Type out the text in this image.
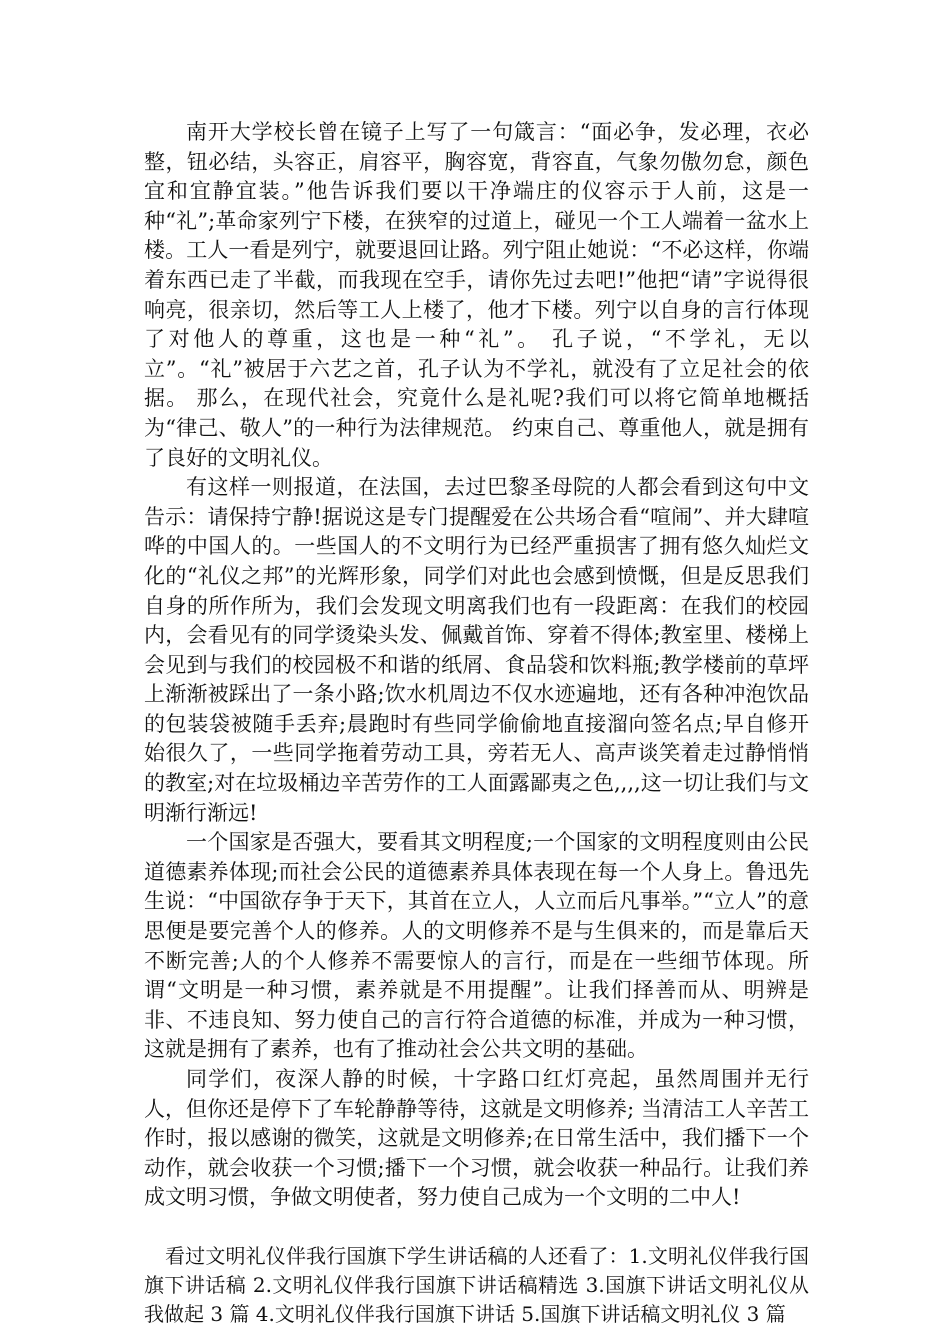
南开大学校长曾在镜子上写了一句箴言：“面必争，发必理，衣必整，钮必结，头容正，肩容平，胸容宽，背容直，气象勿傲勿怠，颜色宜和宜静宜装。”他告诉我们要以干净端庄的仪容示于人前，这是一种“礼”;革命家列宁下楼，在狭窄的过道上，碰见一个工人端着一盆水上楼。工人一看是列宁，就要退回让路。列宁阻止她说：“不必这样，你端着东西已走了半截，而我现在空手，请你先过去吧!”他把“请”字说得很响亮，很亲切，然后等工人上楼了，他才下楼。列宁以自身的言行体现了对他人的尊重，这也是一种“礼”。 孔子说，“不学礼，无以立”。“礼”被居于六艺之首，孔子认为不学礼，就没有了立足社会的依据。 那么，在现代社会，究竟什么是礼呢?我们可以将它简单地概括为“律己、敬人”的一种行为法律规范。 约束自己、尊重他人，就是拥有了良好的文明礼仪。

有这样一则报道，在法国，去过巴黎圣母院的人都会看到这句中文告示：请保持宁静!据说这是专门提醒爱在公共场合看“喧闹”、并大肆喧哗的中国人的。一些国人的不文明行为已经严重损害了拥有悠久灿烂文化的“礼仪之邦”的光辉形象，同学们对此也会感到愤慨，但是反思我们自身的所作所为，我们会发现文明离我们也有一段距离：在我们的校园内，会看见有的同学烫染头发、佩戴首饰、穿着不得体;教室里、楼梯上会见到与我们的校园极不和谐的纸屑、食品袋和饮料瓶;教学楼前的草坪上渐渐被踩出了一条小路;饮水机周边不仅水迹遍地，还有各种冲泡饮品的包装袋被随手丢弃;晨跑时有些同学偷偷地直接溜向签名点;早自修开始很久了，一些同学拖着劳动工具，旁若无人、高声谈笑着走过静悄悄的教室;对在垃圾桶边辛苦劳作的工人面露鄙夷之色,,,,这一切让我们与文明渐行渐远!

一个国家是否强大，要看其文明程度;一个国家的文明程度则由公民道德素养体现;而社会公民的道德素养具体表现在每一个人身上。鲁迅先生说：“中国欲存争于天下，其首在立人，人立而后凡事举。”“立人”的意思便是要完善个人的修养。人的文明修养不是与生俱来的，而是靠后天不断完善;人的个人修养不需要惊人的言行，而是在一些细节体现。所谓“文明是一种习惯，素养就是不用提醒”。让我们择善而从、明辨是非、不违良知、努力使自己的言行符合道德的标准，并成为一种习惯，这就是拥有了素养，也有了推动社会公共文明的基础。

同学们，夜深人静的时候，十字路口红灯亮起，虽然周围并无行人，但你还是停下了车轮静静等待，这就是文明修养; 当清洁工人辛苦工作时，报以感谢的微笑，这就是文明修养;在日常生活中，我们播下一个动作，就会收获一个习惯;播下一个习惯，就会收获一种品行。让我们养成文明习惯，争做文明使者，努力使自己成为一个文明的二中人!

看过文明礼仪伴我行国旗下学生讲话稿的人还看了：1.文明礼仪伴我行国旗下讲话稿 2.文明礼仪伴我行国旗下讲话稿精选 3.国旗下讲话文明礼仪从我做起 3 篇 4.文明礼仪伴我行国旗下讲话 5.国旗下讲话稿文明礼仪 3 篇
